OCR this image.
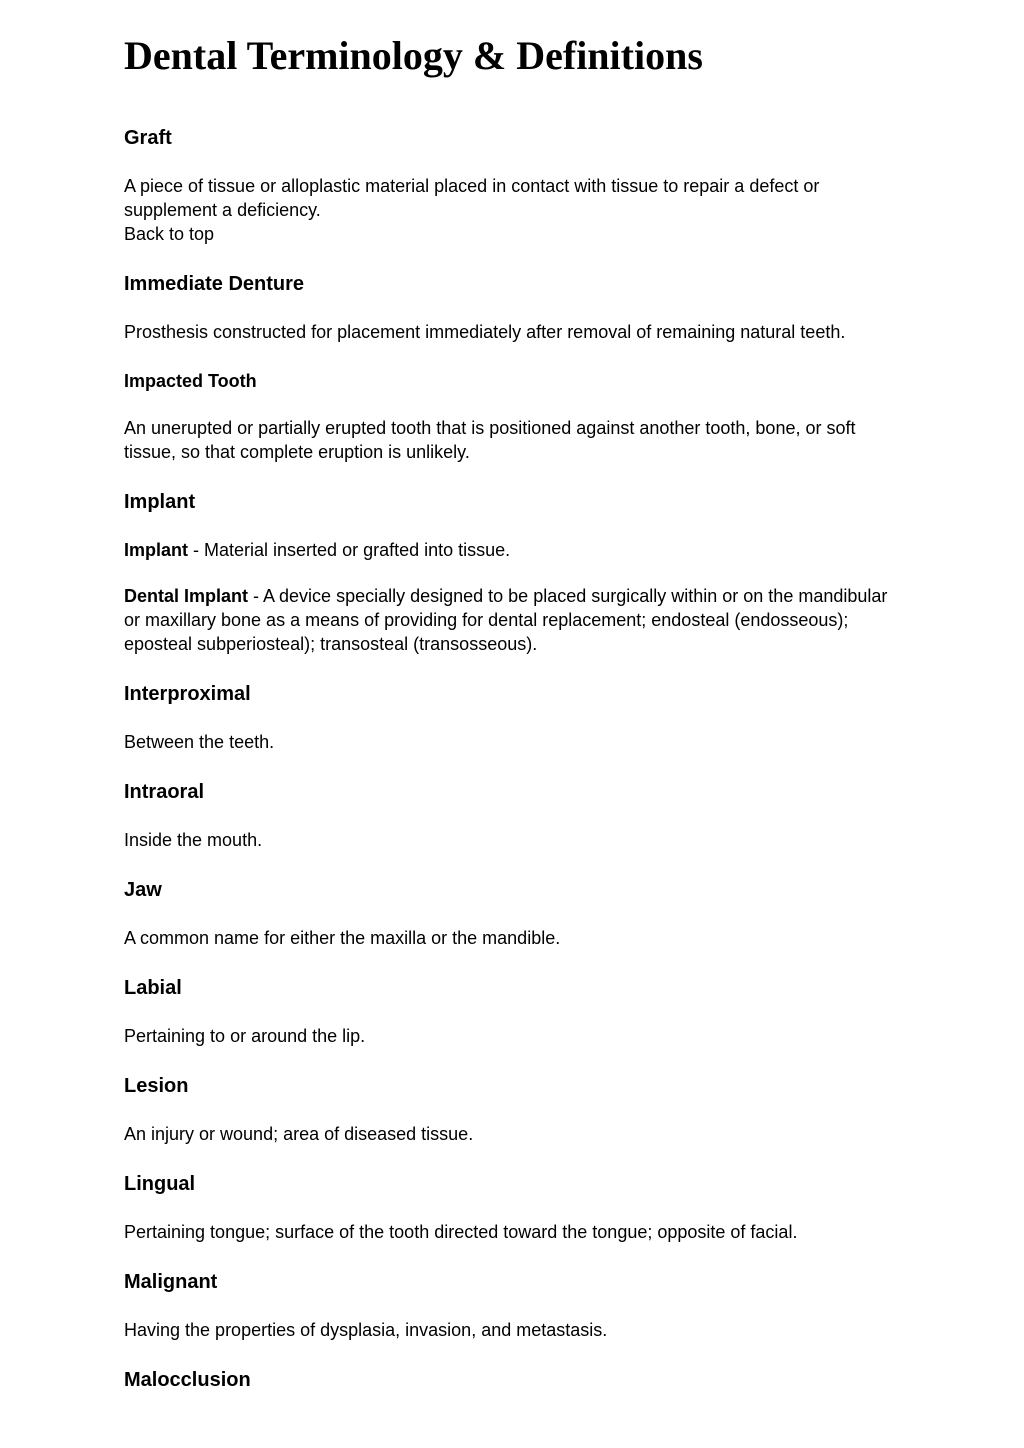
Dental Terminology & Definitions

Graft

A piece of tissue or alloplastic material placed in contact with tissue to repair a defect or supplement a deficiency.

Back to top

Immediate Denture

Prosthesis constructed for placement immediately after removal of remaining natural teeth.

Impacted Tooth

An unerupted or partially erupted tooth that is positioned against another tooth, bone, or soft tissue, so that complete eruption is unlikely.

Implant

Implant - Material inserted or grafted into tissue.

Dental Implant - A device specially designed to be placed surgically within or on the mandibular or maxillary bone as a means of providing for dental replacement; endosteal (endosseous); eposteal subperiosteal); transosteal (transosseous).

Interproximal

Between the teeth.

Intraoral

Inside the mouth.

Jaw

A common name for either the maxilla or the mandible.

Labial

Pertaining to or around the lip.

Lesion

An injury or wound; area of diseased tissue.

Lingual

Pertaining tongue; surface of the tooth directed toward the tongue; opposite of facial.

Malignant

Having the properties of dysplasia, invasion, and metastasis.

Malocclusion
